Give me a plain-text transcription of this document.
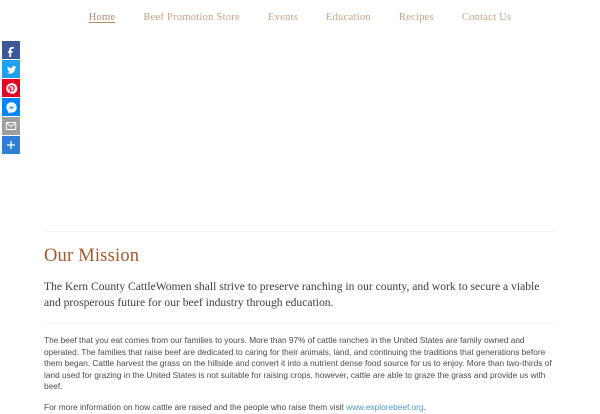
Home	Beef Promotion Store	Events	Education	Recipes	Contact Us
Our Mission

The Kern County CattleWomen shall strive to preserve ranching in our county, and work to secure a viable and prosperous future for our beef industry through education.

The beef that you eat comes from our families to yours. More than 97% of cattle ranches in the United States are family owned and operated. The families that raise beef are dedicated to caring for their animals, land, and continuing the traditions that generations before them began. Cattle harvest the grass on the hillside and convert it into a nutrient dense food source for us to enjoy. More than two-thirds of land used for grazing in the United States is not suitable for raising crops, however, cattle are able to graze the grass and provide us with beef.

For more information on how cattle are raised and the people who raise them visit www.explorebeef.org.
